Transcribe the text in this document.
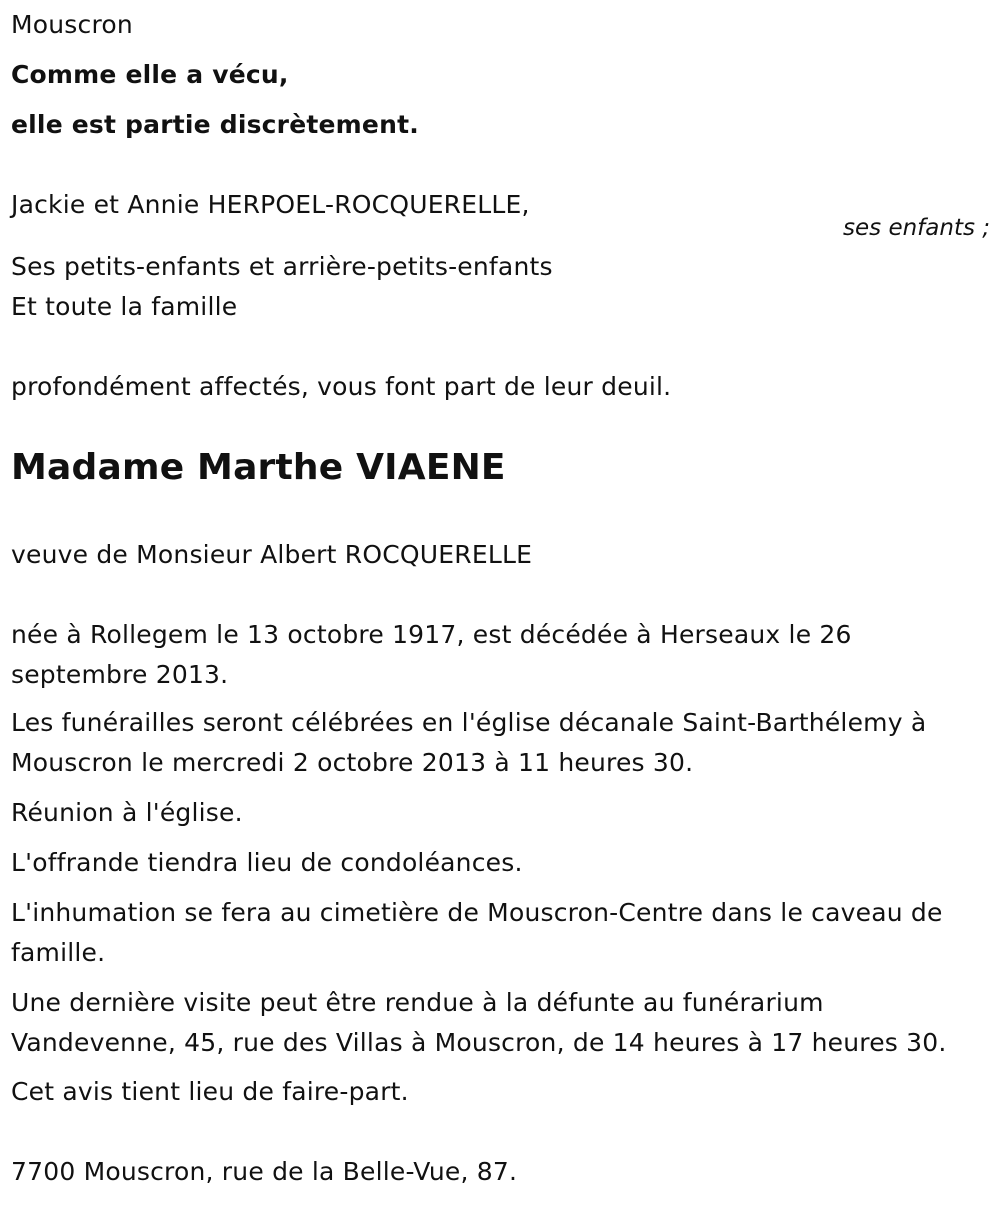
Mouscron
Comme elle a vécu,
elle est partie discrètement.
Jackie et Annie HERPOEL-ROCQUERELLE,
ses enfants ;
Ses petits-enfants et arrière-petits-enfants
Et toute la famille
profondément affectés, vous font part de leur deuil.
Madame Marthe VIAENE
veuve de Monsieur Albert ROCQUERELLE
née à Rollegem le 13 octobre 1917, est décédée à Herseaux le 26
septembre 2013.
Les funérailles seront célébrées en l'église décanale Saint-Barthélemy à
Mouscron le mercredi 2 octobre 2013 à 11 heures 30.
Réunion à l'église.
L'offrande tiendra lieu de condoléances.
L'inhumation se fera au cimetière de Mouscron-Centre dans le caveau de
famille.
Une dernière visite peut être rendue à la défunte au funérarium
Vandevenne, 45, rue des Villas à Mouscron, de 14 heures à 17 heures 30.
Cet avis tient lieu de faire-part.
7700 Mouscron, rue de la Belle-Vue, 87.
